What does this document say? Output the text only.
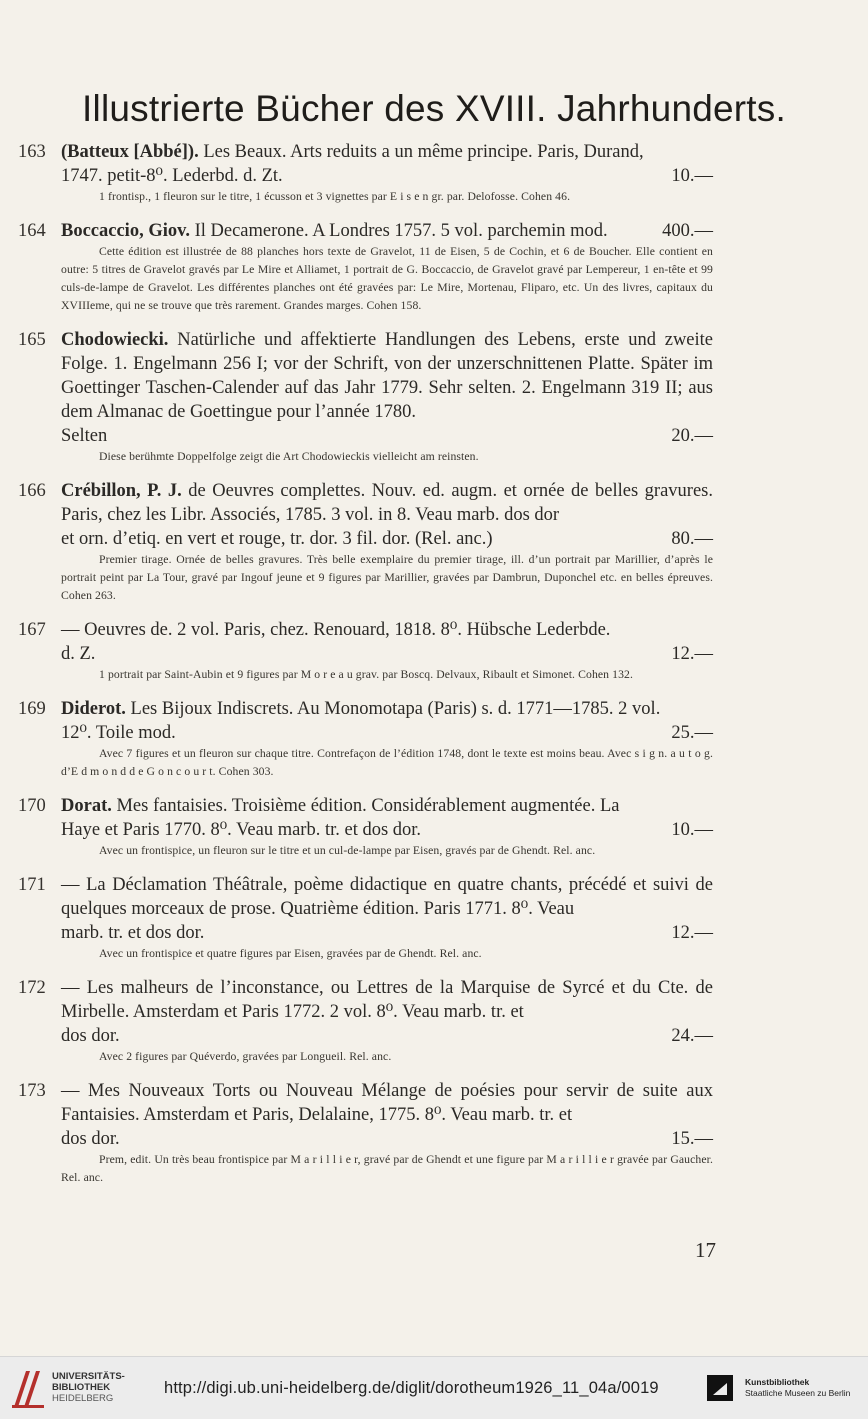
Illustrierte Bücher des XVIII. Jahrhunderts.
163 (Batteux [Abbé]). Les Beaux. Arts reduits a un même principe. Paris, Durand,
1747. petit-8⁰. Lederbd. d. Zt.	10.—
1 frontisp., 1 fleuron sur le titre, 1 écusson et 3 vignettes par E i s e n gr. par. Delofosse. Cohen 46.
164 Boccaccio, Giov. Il Decamerone. A Londres 1757. 5 vol. parchemin mod.	400.—
Cette édition est illustrée de 88 planches hors texte de Gravelot, 11 de Eisen, 5 de Cochin, et 6 de Boucher. Elle contient en outre: 5 titres de Gravelot gravés par Le Mire et Alliamet, 1 portrait de G. Boccaccio, de Gravelot gravé par Lempereur, 1 en-tête et 99 culs-de-lampe de Gravelot. Les différentes planches ont été gravées par: Le Mire, Mortenau, Fliparo, etc. Un des livres, capitaux du XVIIIeme, qui ne se trouve que très rarement. Grandes marges. Cohen 158.
165 Chodowiecki. Natürliche und affektierte Handlungen des Lebens, erste und zweite Folge. 1. Engelmann 256 I; vor der Schrift, von der unzerschnittenen Platte. Später im Goettinger Taschen-Calender auf das Jahr 1779. Sehr selten. 2. Engelmann 319 II; aus dem Almanac de Goettingue pour l’année 1780.
Selten	20.—
Diese berühmte Doppelfolge zeigt die Art Chodowieckis vielleicht am reinsten.
166 Crébillon, P. J. de Oeuvres complettes. Nouv. ed. augm. et ornée de belles gravures. Paris, chez les Libr. Associés, 1785. 3 vol. in 8. Veau marb. dos dor
et orn. d’etiq. en vert et rouge, tr. dor. 3 fil. dor. (Rel. anc.)	80.—
Premier tirage. Ornée de belles gravures. Très belle exemplaire du premier tirage, ill. d’un portrait par Marillier, d’après le portrait peint par La Tour, gravé par Ingouf jeune et 9 figures par Marillier, gravées par Dambrun, Duponchel etc. en belles épreuves. Cohen 263.
167 — Oeuvres de. 2 vol. Paris, chez. Renouard, 1818. 8⁰. Hübsche Lederbde.
d. Z.	12.—
1 portrait par Saint-Aubin et 9 figures par M o r e a u grav. par Boscq. Delvaux, Ribault et Simonet. Cohen 132.
169 Diderot. Les Bijoux Indiscrets. Au Monomotapa (Paris) s. d. 1771—1785. 2 vol.
12⁰. Toile mod.	25.—
Avec 7 figures et un fleuron sur chaque titre. Contrefaçon de l’édition 1748, dont le texte est moins beau. Avec s i g n. a u t o g. d’E d m o n d d e G o n c o u r t. Cohen 303.
170 Dorat. Mes fantaisies. Troisième édition. Considérablement augmentée. La
Haye et Paris 1770. 8⁰. Veau marb. tr. et dos dor.	10.—
Avec un frontispice, un fleuron sur le titre et un cul-de-lampe par Eisen, gravés par de Ghendt. Rel. anc.
171 — La Déclamation Théâtrale, poème didactique en quatre chants, précédé et suivi de quelques morceaux de prose. Quatrième édition. Paris 1771. 8⁰. Veau
marb. tr. et dos dor.	12.—
Avec un frontispice et quatre figures par Eisen, gravées par de Ghendt. Rel. anc.
172 — Les malheurs de l’inconstance, ou Lettres de la Marquise de Syrcé et du Cte. de Mirbelle. Amsterdam et Paris 1772. 2 vol. 8⁰. Veau marb. tr. et
dos dor.	24.—
Avec 2 figures par Quéverdo, gravées par Longueil. Rel. anc.
173 — Mes Nouveaux Torts ou Nouveau Mélange de poésies pour servir de suite aux Fantaisies. Amsterdam et Paris, Delalaine, 1775. 8⁰. Veau marb. tr. et
dos dor.	15.—
Prem, edit. Un très beau frontispice par M a r i l l i e r, gravé par de Ghendt et une figure par M a r i l l i e r gravée par Gaucher. Rel. anc.
17
UNIVERSITÄTS-
BIBLIOTHEK
HEIDELBERG
http://digi.ub.uni-heidelberg.de/diglit/dorotheum1926_11_04a/0019	Kunstbibliothek
Staatliche Museen zu Berlin
